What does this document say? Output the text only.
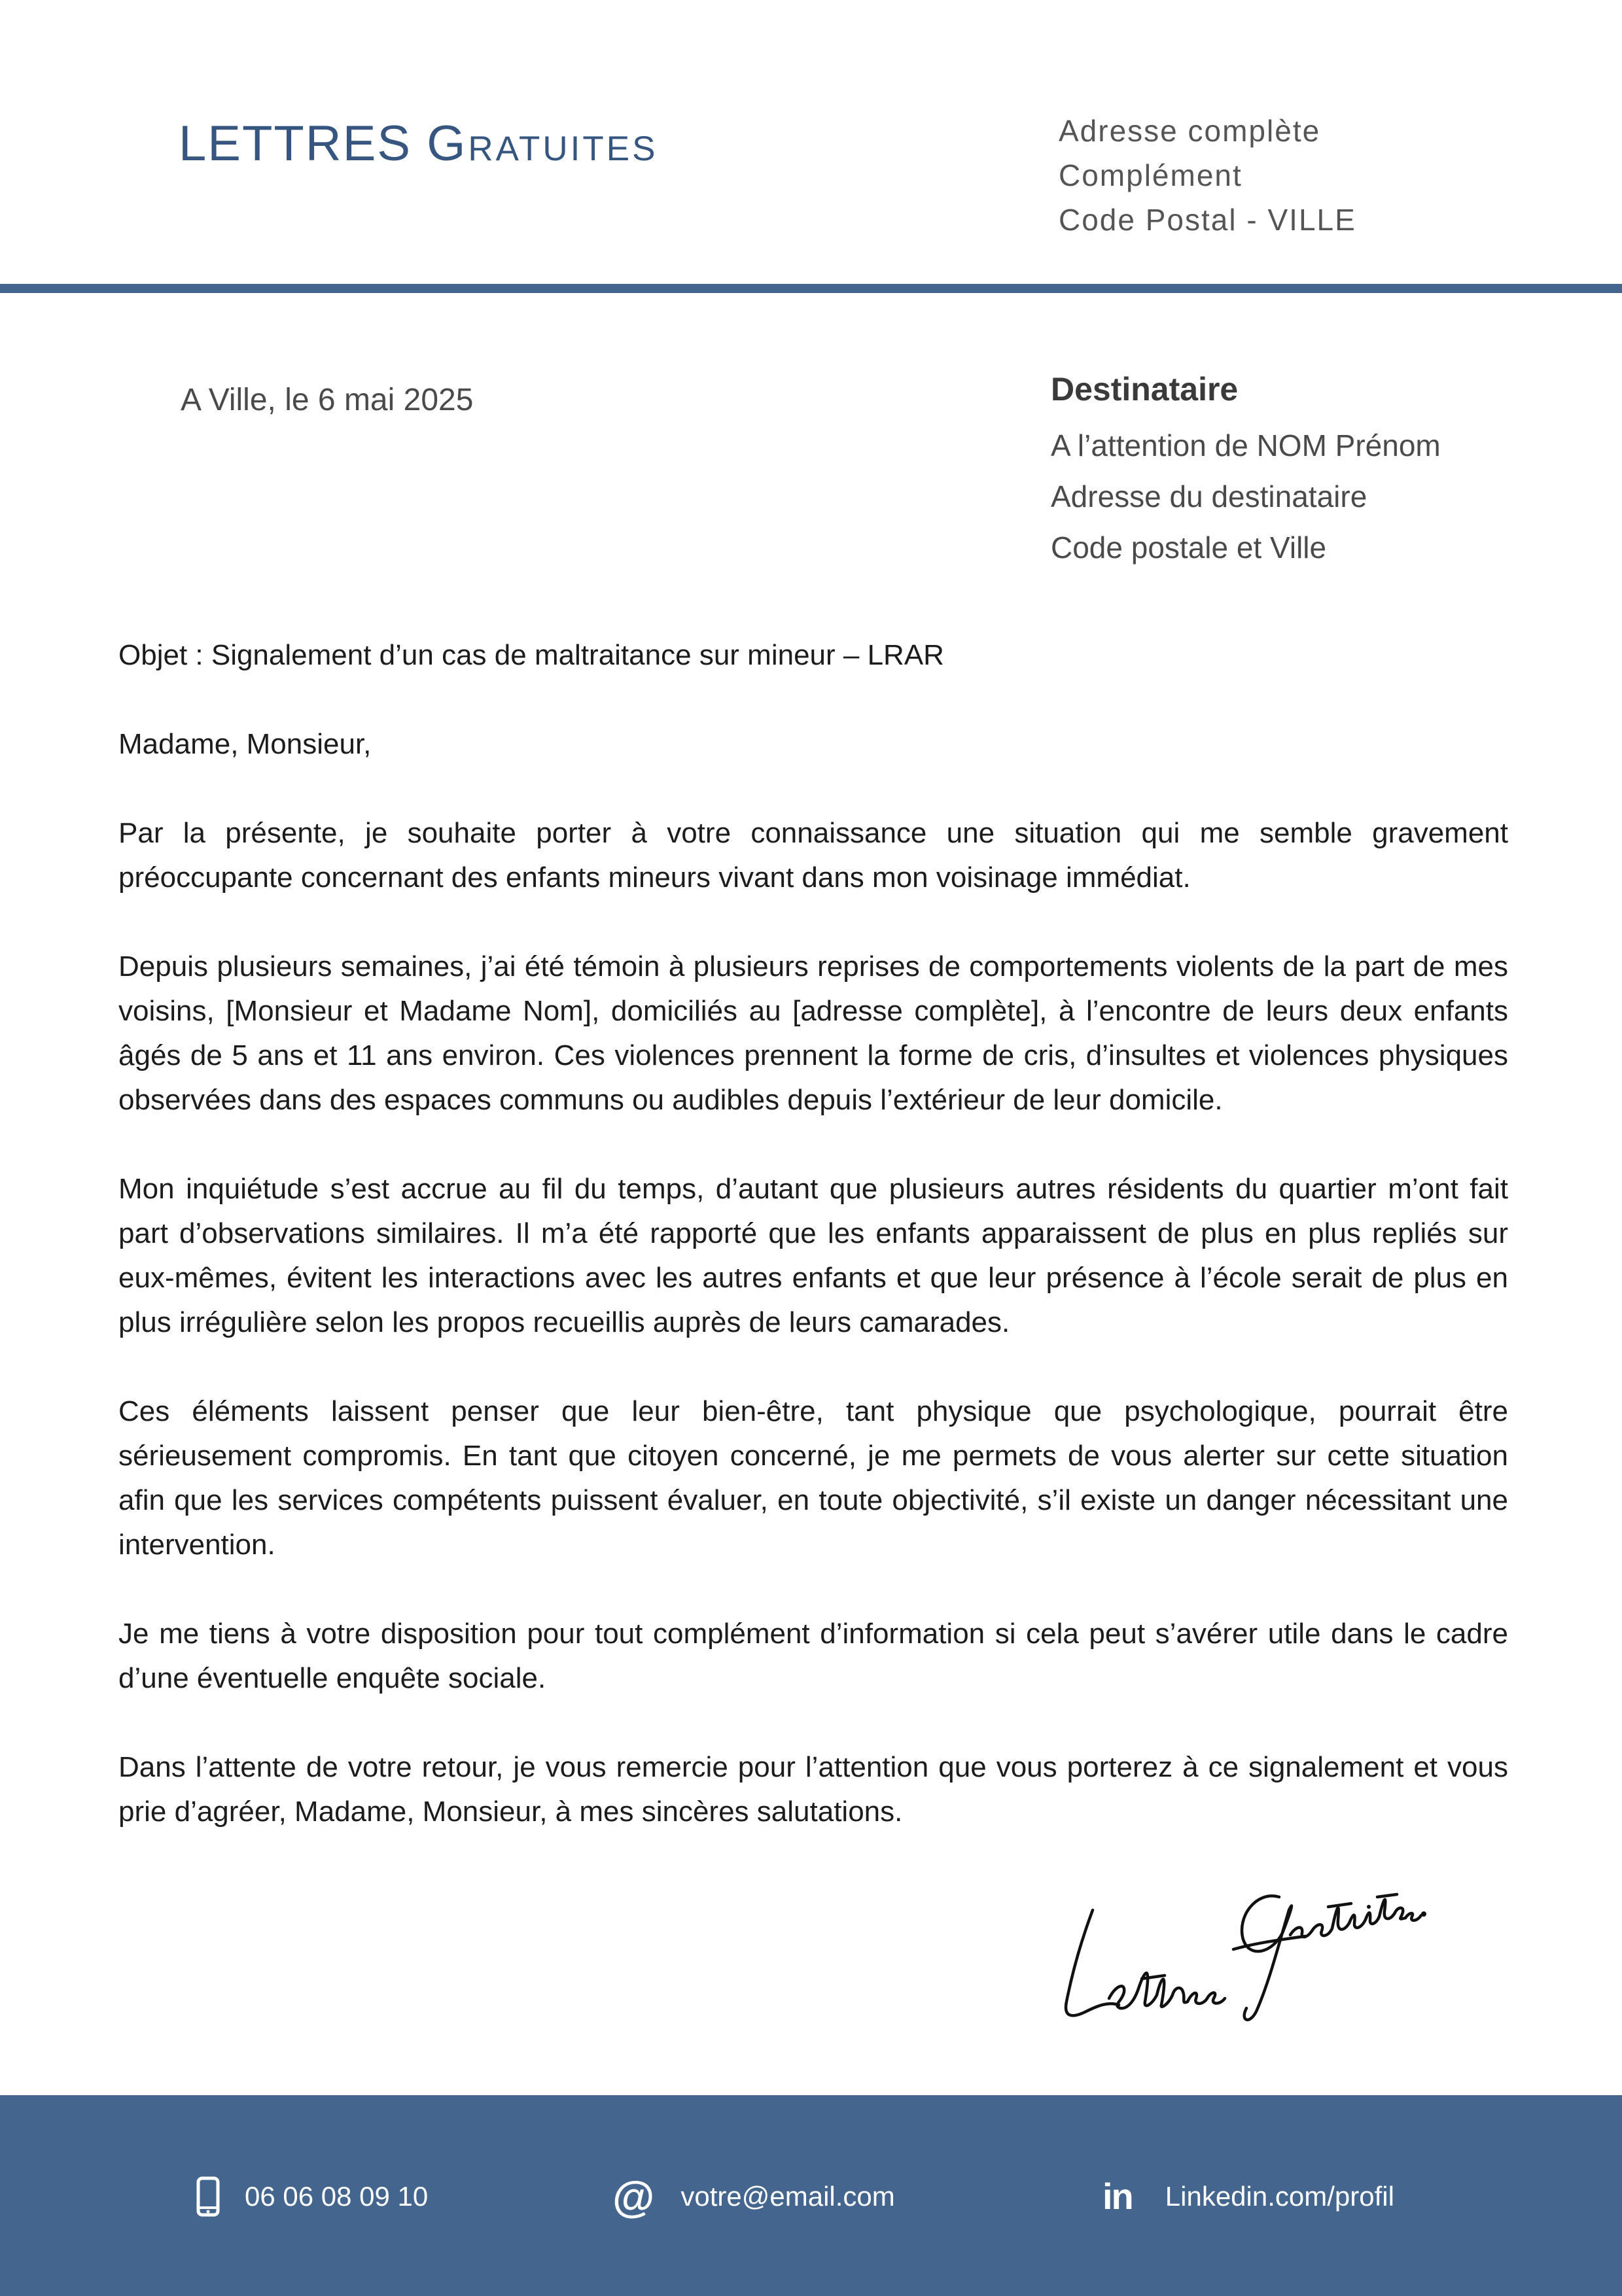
LETTRES Gratuites	Adresse complète
Complément
Code Postal - VILLE
A Ville, le 6 mai 2025	Destinataire
A l’attention de NOM Prénom
Adresse du destinataire
Code postale et Ville

Objet : Signalement d’un cas de maltraitance sur mineur – LRAR

Madame, Monsieur,

Par la présente, je souhaite porter à votre connaissance une situation qui me semble gravement préoccupante concernant des enfants mineurs vivant dans mon voisinage immédiat.

Depuis plusieurs semaines, j’ai été témoin à plusieurs reprises de comportements violents de la part de mes voisins, [Monsieur et Madame Nom], domiciliés au [adresse complète], à l’encontre de leurs deux enfants âgés de 5 ans et 11 ans environ. Ces violences prennent la forme de cris, d’insultes et violences physiques observées dans des espaces communs ou audibles depuis l’extérieur de leur domicile.

Mon inquiétude s’est accrue au fil du temps, d’autant que plusieurs autres résidents du quartier m’ont fait part d’observations similaires. Il m’a été rapporté que les enfants apparaissent de plus en plus repliés sur eux-mêmes, évitent les interactions avec les autres enfants et que leur présence à l’école serait de plus en plus irrégulière selon les propos recueillis auprès de leurs camarades.

Ces éléments laissent penser que leur bien-être, tant physique que psychologique, pourrait être sérieusement compromis. En tant que citoyen concerné, je me permets de vous alerter sur cette situation afin que les services compétents puissent évaluer, en toute objectivité, s’il existe un danger nécessitant une intervention.

Je me tiens à votre disposition pour tout complément d’information si cela peut s’avérer utile dans le cadre d’une éventuelle enquête sociale.

Dans l’attente de votre retour, je vous remercie pour l’attention que vous porterez à ce signalement et vous prie d’agréer, Madame, Monsieur, à mes sincères salutations.

06 06 08 09 10	@ votre@email.com	in Linkedin.com/profil
